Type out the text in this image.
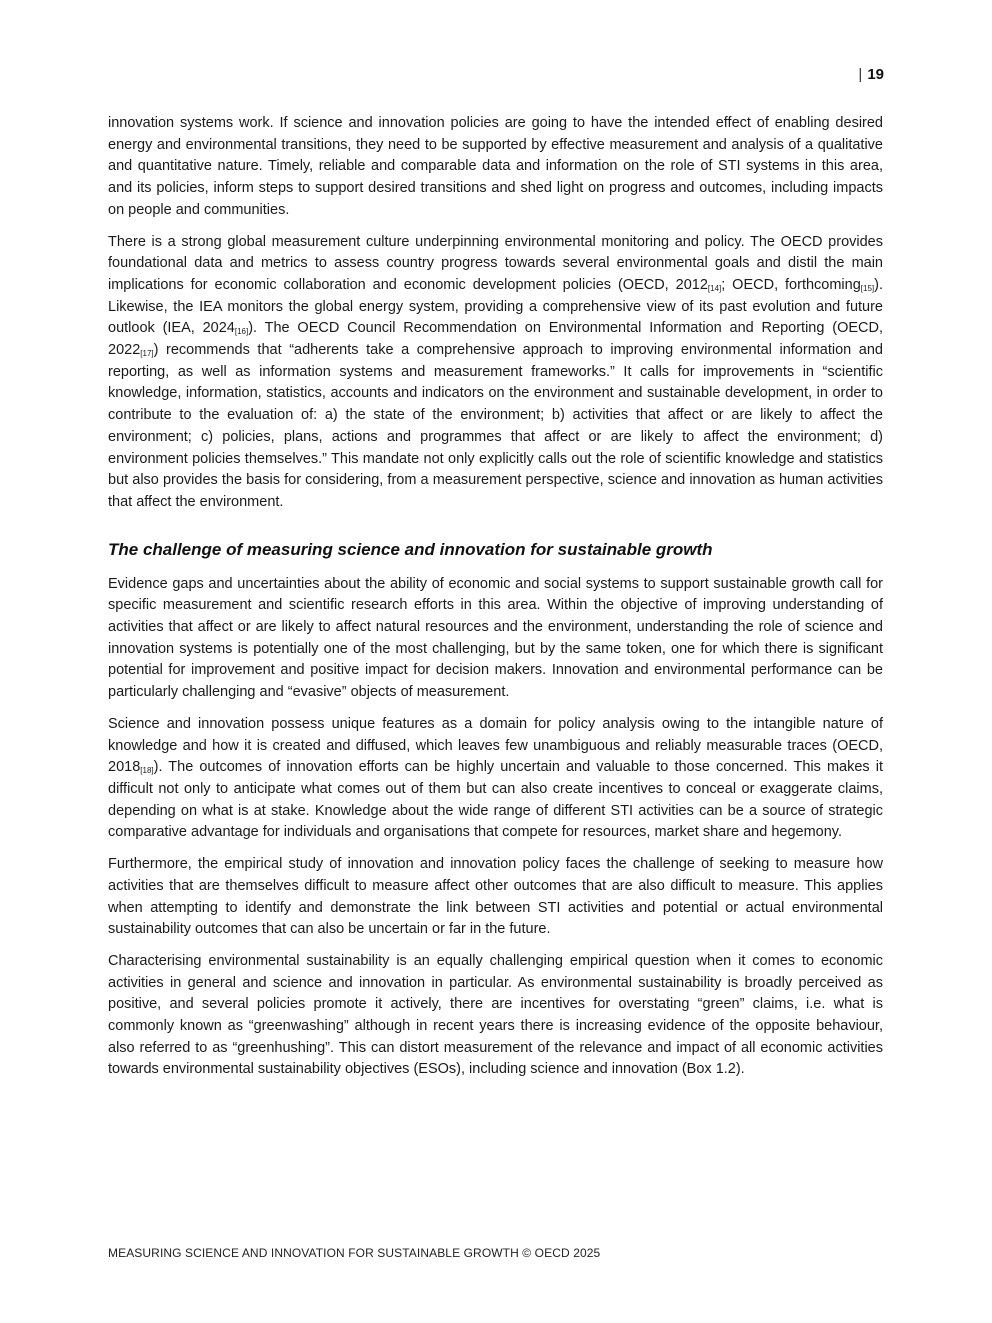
| 19

innovation systems work. If science and innovation policies are going to have the intended effect of enabling desired energy and environmental transitions, they need to be supported by effective measurement and analysis of a qualitative and quantitative nature. Timely, reliable and comparable data and information on the role of STI systems in this area, and its policies, inform steps to support desired transitions and shed light on progress and outcomes, including impacts on people and communities.

There is a strong global measurement culture underpinning environmental monitoring and policy. The OECD provides foundational data and metrics to assess country progress towards several environmental goals and distil the main implications for economic collaboration and economic development policies (OECD, $2012_{[14]}$; OECD, forthcoming$_{[15]}$). Likewise, the IEA monitors the global energy system, providing a comprehensive view of its past evolution and future outlook (IEA, $2024_{[16]}$). The OECD Council Recommendation on Environmental Information and Reporting (OECD, $2022_{[17]}$) recommends that “adherents take a comprehensive approach to improving environmental information and reporting, as well as information systems and measurement frameworks.” It calls for improvements in “scientific knowledge, information, statistics, accounts and indicators on the environment and sustainable development, in order to contribute to the evaluation of: a) the state of the environment; b) activities that affect or are likely to affect the environment; c) policies, plans, actions and programmes that affect or are likely to affect the environment; d) environment policies themselves.” This mandate not only explicitly calls out the role of scientific knowledge and statistics but also provides the basis for considering, from a measurement perspective, science and innovation as human activities that affect the environment.

The challenge of measuring science and innovation for sustainable growth

Evidence gaps and uncertainties about the ability of economic and social systems to support sustainable growth call for specific measurement and scientific research efforts in this area. Within the objective of improving understanding of activities that affect or are likely to affect natural resources and the environment, understanding the role of science and innovation systems is potentially one of the most challenging, but by the same token, one for which there is significant potential for improvement and positive impact for decision makers. Innovation and environmental performance can be particularly challenging and “evasive” objects of measurement.

Science and innovation possess unique features as a domain for policy analysis owing to the intangible nature of knowledge and how it is created and diffused, which leaves few unambiguous and reliably measurable traces (OECD, $2018_{[18]}$). The outcomes of innovation efforts can be highly uncertain and valuable to those concerned. This makes it difficult not only to anticipate what comes out of them but can also create incentives to conceal or exaggerate claims, depending on what is at stake. Knowledge about the wide range of different STI activities can be a source of strategic comparative advantage for individuals and organisations that compete for resources, market share and hegemony.

Furthermore, the empirical study of innovation and innovation policy faces the challenge of seeking to measure how activities that are themselves difficult to measure affect other outcomes that are also difficult to measure. This applies when attempting to identify and demonstrate the link between STI activities and potential or actual environmental sustainability outcomes that can also be uncertain or far in the future.

Characterising environmental sustainability is an equally challenging empirical question when it comes to economic activities in general and science and innovation in particular. As environmental sustainability is broadly perceived as positive, and several policies promote it actively, there are incentives for overstating “green” claims, i.e. what is commonly known as “greenwashing” although in recent years there is increasing evidence of the opposite behaviour, also referred to as “greenhushing”. This can distort measurement of the relevance and impact of all economic activities towards environmental sustainability objectives (ESOs), including science and innovation (Box 1.2).

MEASURING SCIENCE AND INNOVATION FOR SUSTAINABLE GROWTH © OECD 2025
